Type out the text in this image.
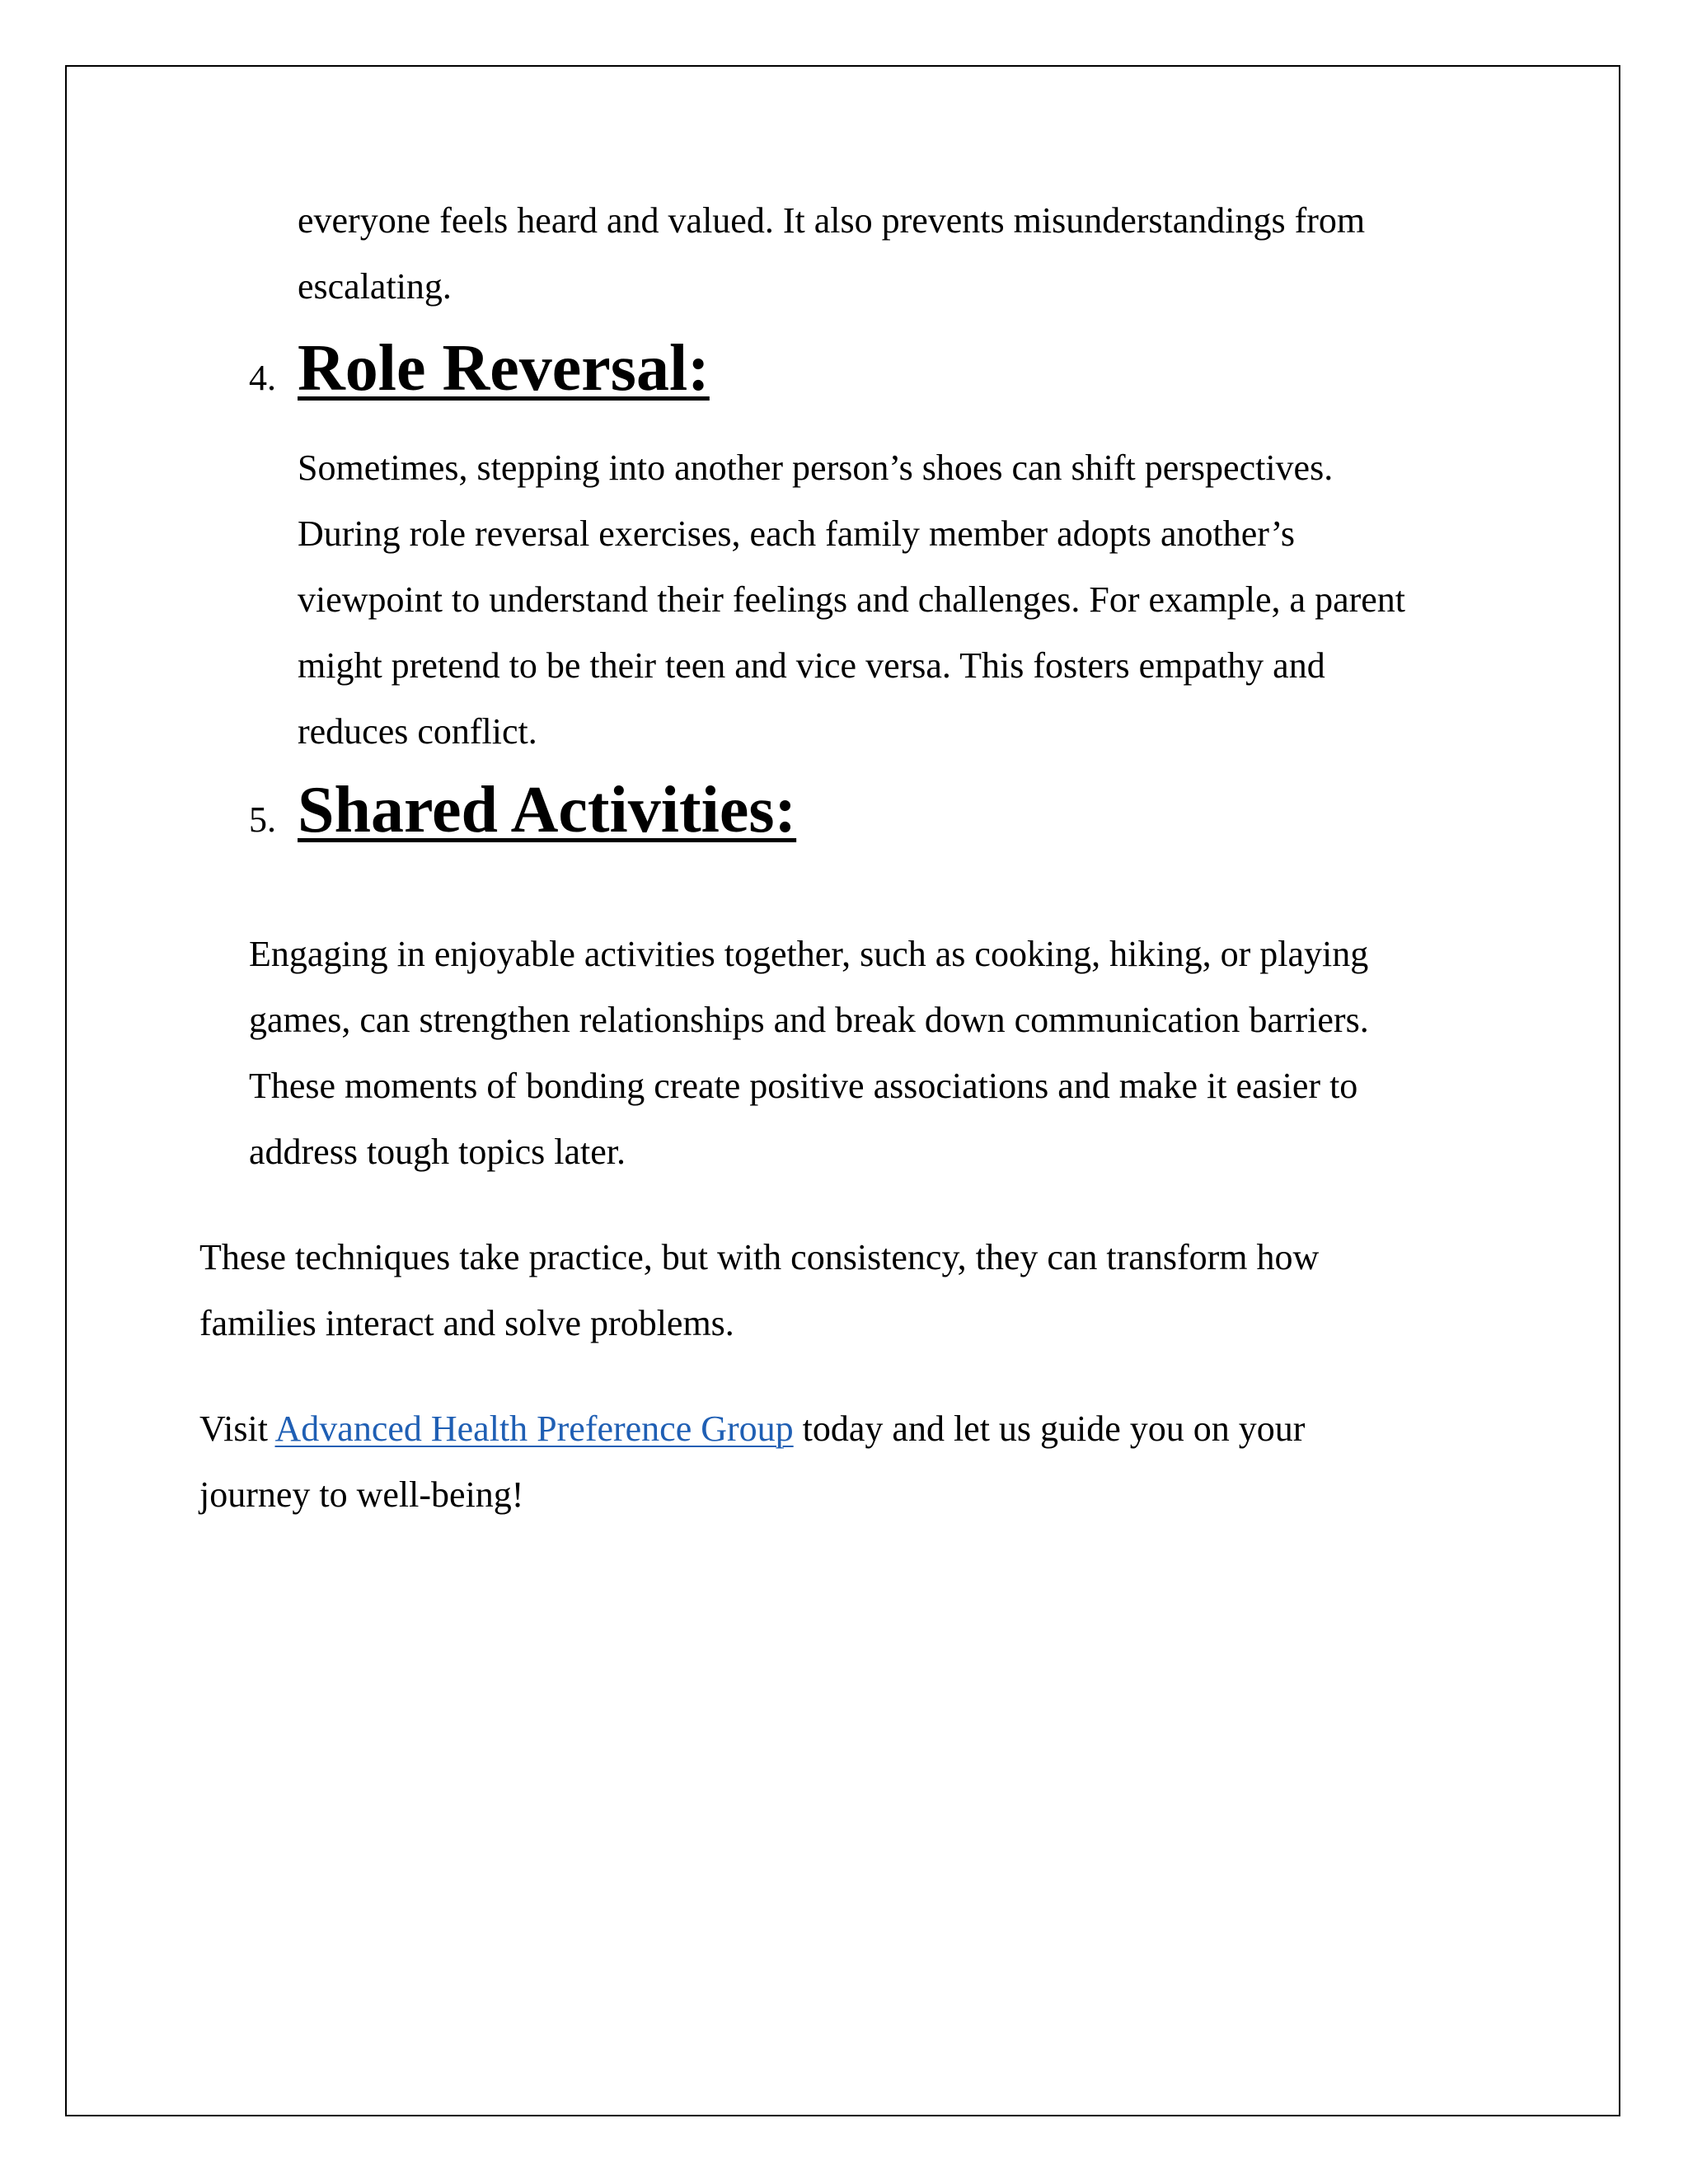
everyone feels heard and valued. It also prevents misunderstandings from

escalating.

4. Role Reversal:

Sometimes, stepping into another person’s shoes can shift perspectives.

During role reversal exercises, each family member adopts another’s

viewpoint to understand their feelings and challenges. For example, a parent

might pretend to be their teen and vice versa. This fosters empathy and

reduces conflict.

5. Shared Activities:

Engaging in enjoyable activities together, such as cooking, hiking, or playing

games, can strengthen relationships and break down communication barriers.

These moments of bonding create positive associations and make it easier to

address tough topics later.

These techniques take practice, but with consistency, they can transform how

families interact and solve problems.

Visit Advanced Health Preference Group today and let us guide you on your

journey to well-being!
